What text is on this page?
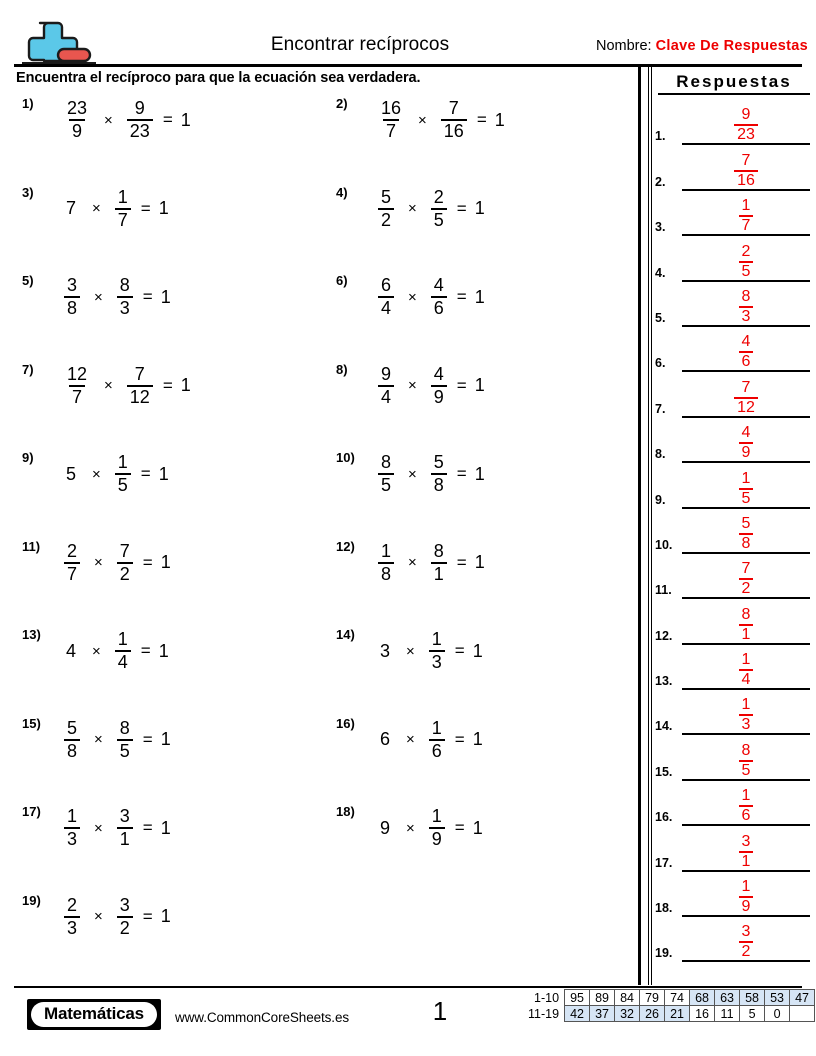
Encontrar recíprocos	Nombre: Clave De Respuestas
Encuentra el recíproco para que la ecuación sea verdadera.
$1) \frac{23}{9} \times \frac{9}{23} = 1$
$2) \frac{16}{7} \times \frac{7}{16} = 1$
3)
$7 \times \frac{1}{7} = 1$
$4) \frac{5}{2} \times \frac{2}{5} = 1$
$5) \frac{3}{8} \times \frac{8}{3} = 1$
$6) \frac{6}{4} \times \frac{4}{6} = 1$
$7) \frac{12}{7} \times \frac{7}{12} = 1$
$8) \frac{9}{4} \times \frac{4}{9} = 1$
9)
$5 \times \frac{1}{5} = 1$
$10) \frac{8}{5} \times \frac{5}{8} = 1$
$11) \frac{2}{7} \times \frac{7}{2} = 1$
$12) \frac{1}{8} \times \frac{8}{1} = 1$
13)
$4 \times \frac{1}{4} = 1$
14)
$3 \times \frac{1}{3} = 1$
$15) \frac{5}{8} \times \frac{8}{5} = 1$
16)
$6 \times \frac{1}{6} = 1$
$17) \frac{1}{3} \times \frac{3}{1} = 1$
18)
$9 \times \frac{1}{9} = 1$
$19) \frac{2}{3} \times \frac{3}{2} = 1$
Respuestas
1.	$\frac{9}{23}$
2.	$\frac{7}{16}$
3.	$\frac{1}{7}$
4.	$\frac{2}{5}$
5.	$\frac{8}{3}$
6.	$\frac{4}{6}$
7.	$\frac{7}{12}$
8.	$\frac{4}{9}$
9.	$\frac{1}{5}$
10.	$\frac{5}{8}$
11.	$\frac{7}{2}$
12.	$\frac{8}{1}$
13.	$\frac{1}{4}$
14.	$\frac{1}{3}$
15.	$\frac{8}{5}$
16.	$\frac{1}{6}$
17.	$\frac{3}{1}$
18.	$\frac{1}{9}$
19.	$\frac{3}{2}$
Matemáticas	www.CommonCoreSheets.es	1	1-10	95	89	84	79	74	68	63	58	53	47
11-19	42	37	32	26	21	16	11	5	0	
